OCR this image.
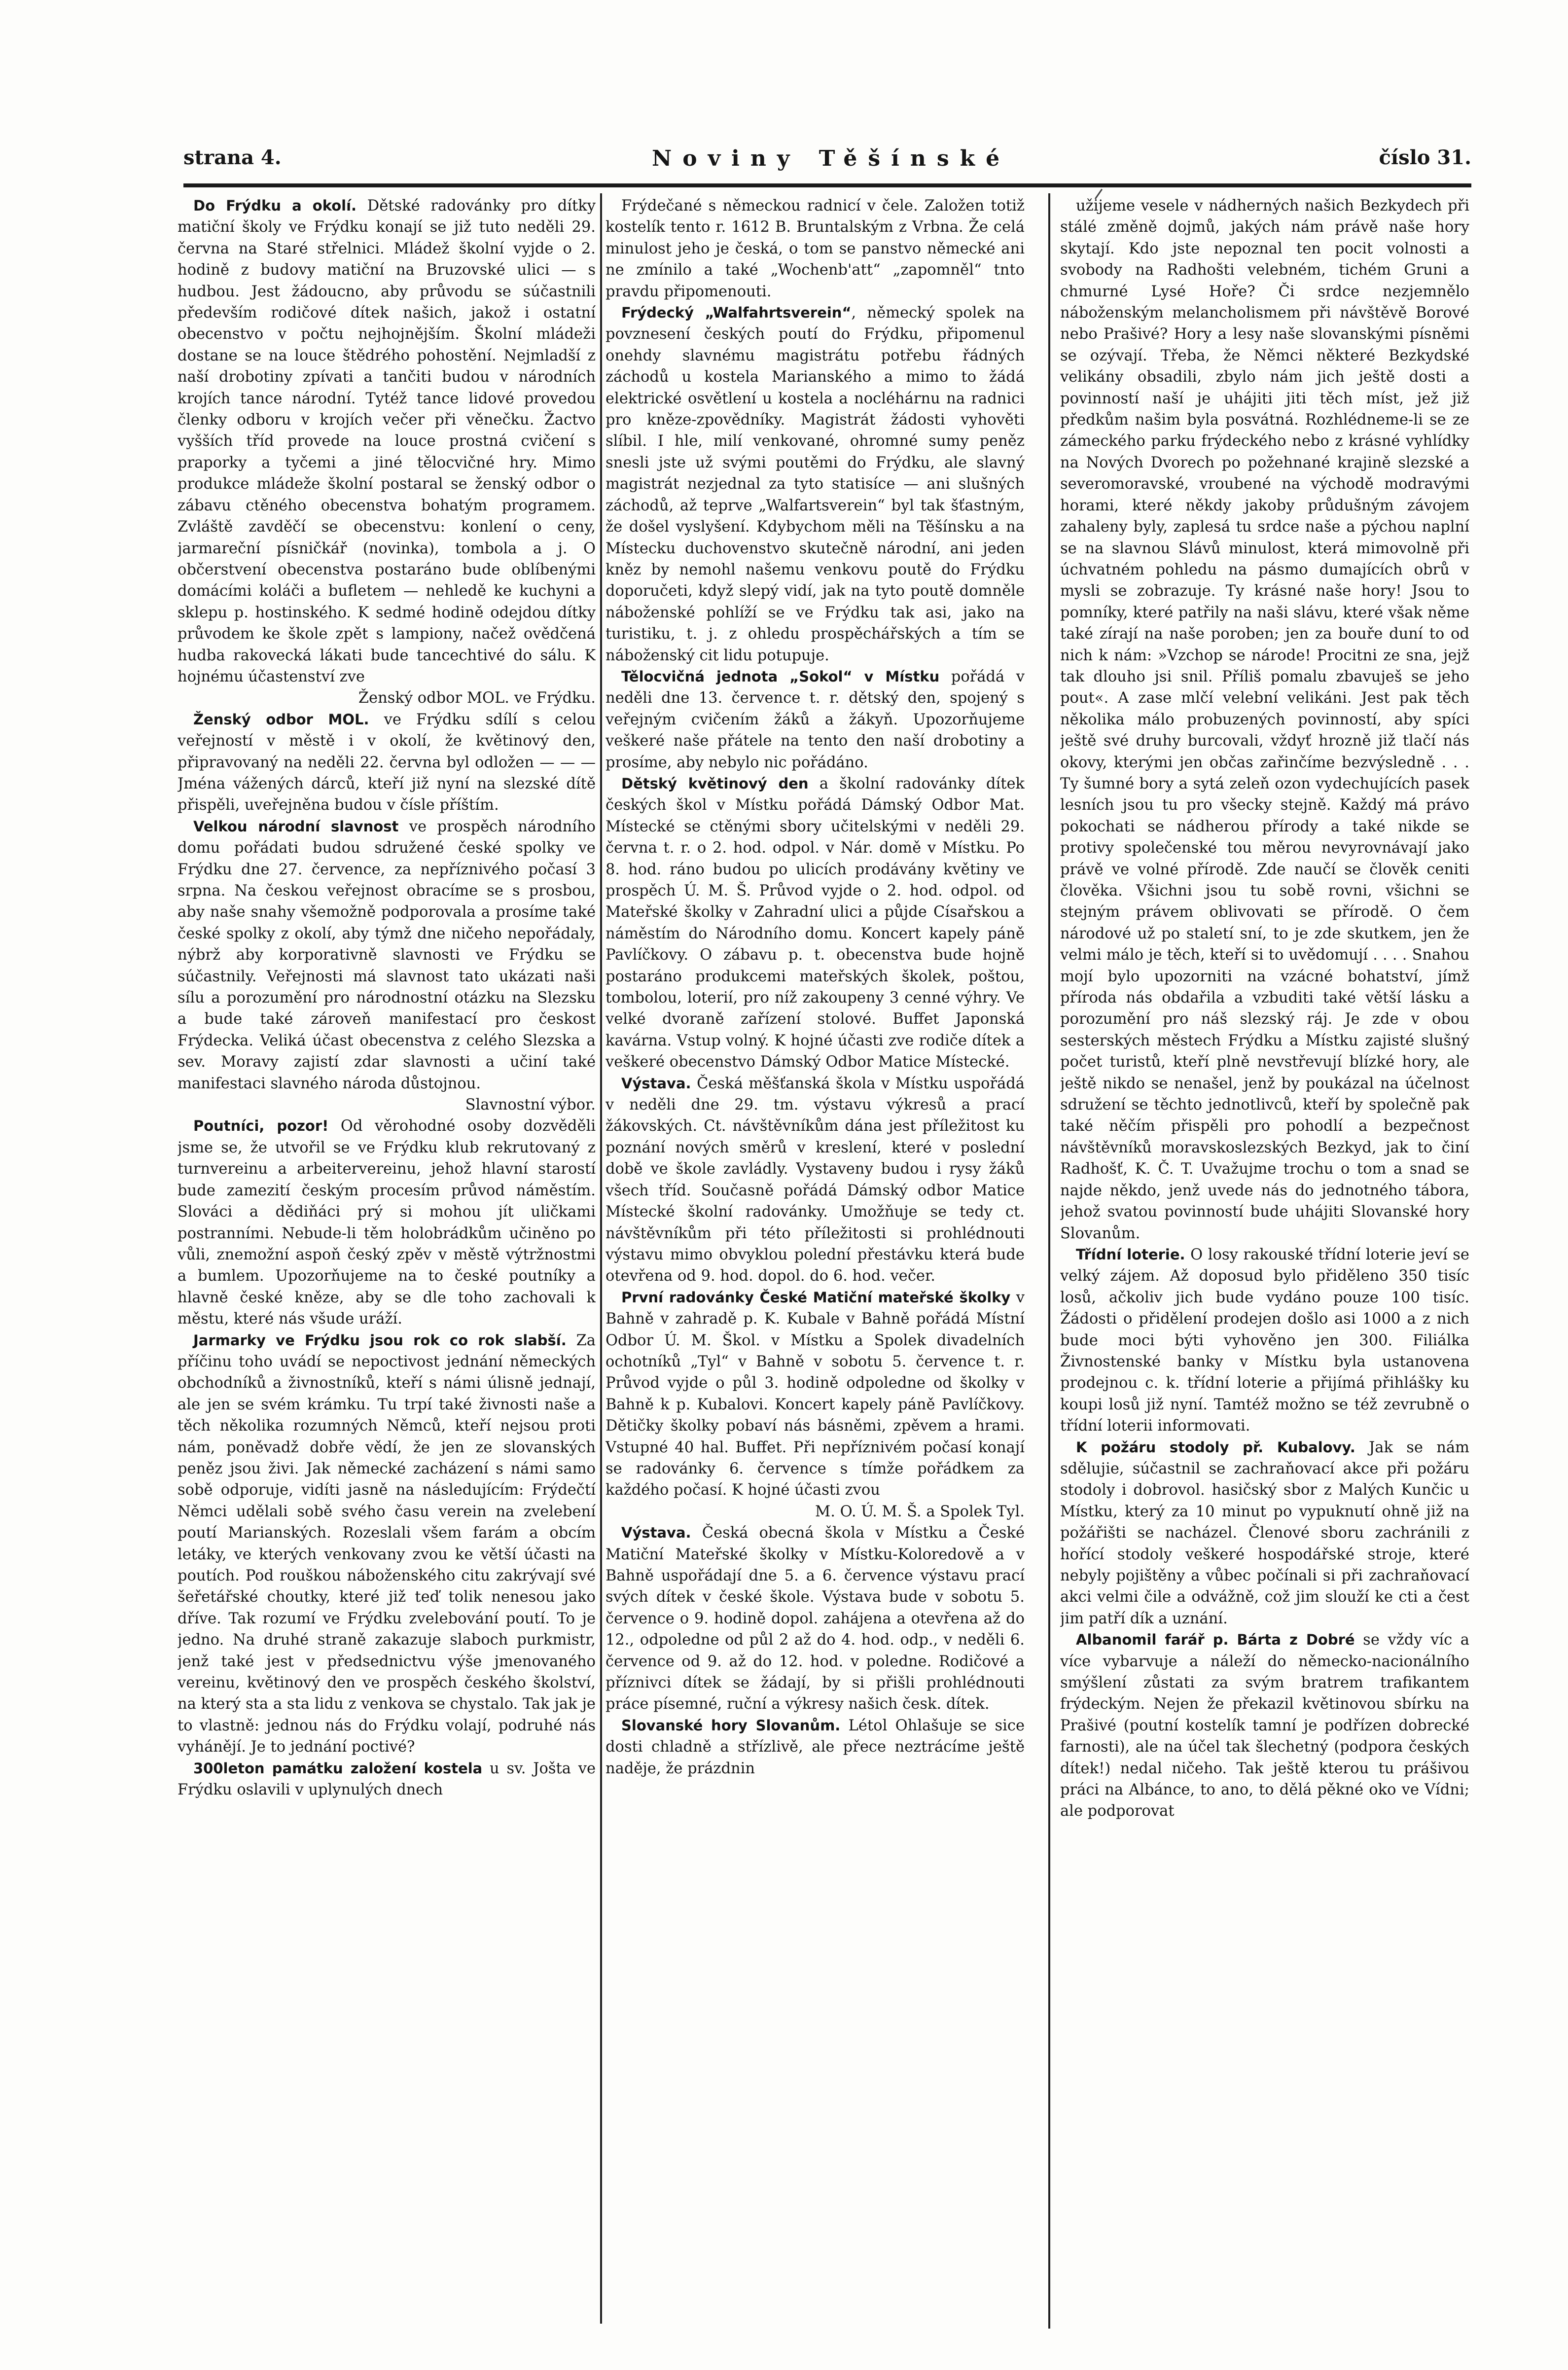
strana 4.	Noviny Těšínské	číslo 31.

Do Frýdku a okolí. Dětské radovánky pro dítky matiční školy ve Frýdku konají se již tuto neděli 29. června na Staré střelnici. Mládež školní vyjde o 2. hodině z budovy matiční na Bruzovské ulici — s hudbou. Jest žádoucno, aby průvodu se súčastnili především rodičové dítek našich, jakož i ostatní obecenstvo v počtu nejhojnějším. Školní mládeži dostane se na louce štědrého pohostění. Nejmladší z naší drobotiny zpívati a tančiti budou v národních krojích tance národní. Tytéž tance lidové provedou členky odboru v krojích večer při věnečku. Žactvo vyšších tříd provede na louce prostná cvičení s praporky a tyčemi a jiné tělocvičné hry. Mimo produkce mládeže školní postaral se ženský odbor o zábavu ctěného obecenstva bohatým programem. Zvláště zavděčí se obecenstvu: konlení o ceny, jarmareční písničkář (novinka), tombola a j. O občerstvení obecenstva postaráno bude oblíbenými domácími koláči a bufletem — nehledě ke kuchyni a sklepu p. hostinského. K sedmé hodině odejdou dítky průvodem ke škole zpět s lampiony, načež ovědčená hudba rakovecká lákati bude tancechtivé do sálu. K hojnému účastenství zve

Ženský odbor MOL. ve Frýdku.

Ženský odbor MOL. ve Frýdku sdílí s celou veřejností v městě i v okolí, že květinový den, připravovaný na neděli 22. června byl odložen — — — Jména vážených dárců, kteří již nyní na slezské dítě přispěli, uveřejněna budou v čísle příštím.

Velkou národní slavnost ve prospěch národního domu pořádati budou sdružené české spolky ve Frýdku dne 27. července, za nepříznivého počasí 3 srpna. Na českou veřejnost obracíme se s prosbou, aby naše snahy všemožně podporovala a prosíme také české spolky z okolí, aby týmž dne ničeho nepořádaly, nýbrž aby korporativně slavnosti ve Frýdku se súčastnily. Veřejnosti má slavnost tato ukázati naši sílu a porozumění pro národnostní otázku na Slezsku a bude také zároveň manifestací pro českost Frýdecka. Veliká účast obecenstva z celého Slezska a sev. Moravy zajistí zdar slavnosti a učiní také manifestaci slavného národa důstojnou.

Slavnostní výbor.

Poutníci, pozor! Od věrohodné osoby dozvěděli jsme se, že utvořil se ve Frýdku klub rekrutovaný z turnvereinu a arbeitervereinu, jehož hlavní starostí bude zamezití českým procesím průvod náměstím. Slováci a dědiňáci prý si mohou jít uličkami postranními. Nebude-li těm holobrádkům učiněno po vůli, znemožní aspoň český zpěv v městě výtržnostmi a bumlem. Upozorňujeme na to české poutníky a hlavně české kněze, aby se dle toho zachovali k městu, které nás všude uráží.

Jarmarky ve Frýdku jsou rok co rok slabší. Za příčinu toho uvádí se nepoctivost jednání německých obchodníků a živnostníků, kteří s námi úlisně jednají, ale jen se svém krámku. Tu trpí také živnosti naše a těch několika rozumných Němců, kteří nejsou proti nám, poněvadž dobře vědí, že jen ze slovanských peněz jsou živi. Jak německé zacházení s námi samo sobě odporuje, vidíti jasně na následujícím: Frýdečtí Němci udělali sobě svého času verein na zvelebení poutí Marianských. Rozeslali všem farám a obcím letáky, ve kterých venkovany zvou ke větší účasti na poutích. Pod rouškou náboženského citu zakrývají své šeřetářské choutky, které již teď tolik nenesou jako dříve. Tak rozumí ve Frýdku zvelebování poutí. To je jedno. Na druhé straně zakazuje slaboch purkmistr, jenž také jest v předsednictvu výše jmenovaného vereinu, květinový den ve prospěch českého školství, na který sta a sta lidu z venkova se chystalo. Tak jak je to vlastně: jednou nás do Frýdku volají, podruhé nás vyhánějí. Je to jednání poctivé?

300leton památku založení kostela u sv. Jošta ve Frýdku oslavili v uplynulých dnech

Frýdečané s německou radnicí v čele. Založen totiž kostelík tento r. 1612 B. Bruntalským z Vrbna. Že celá minulost jeho je česká, o tom se panstvo německé ani ne zmínilo a také „Wochenb'att“ „zapomněl“ tnto pravdu připomenouti.

Frýdecký „Walfahrtsverein“, německý spolek na povznesení českých poutí do Frýdku, připomenul onehdy slavnému magistrátu potřebu řádných záchodů u kostela Marianského a mimo to žádá elektrické osvětlení u kostela a nocléhárnu na radnici pro kněze-zpovědníky. Magistrát žádosti vyhověti slíbil. I hle, milí venkované, ohromné sumy peněz snesli jste už svými poutěmi do Frýdku, ale slavný magistrát nezjednal za tyto statisíce — ani slušných záchodů, až teprve „Walfartsverein“ byl tak šťastným, že došel vyslyšení. Kdybychom měli na Těšínsku a na Místecku duchovenstvo skutečně národní, ani jeden kněz by nemohl našemu venkovu poutě do Frýdku doporučeti, když slepý vidí, jak na tyto poutě domněle náboženské pohlíží se ve Frýdku tak asi, jako na turistiku, t. j. z ohledu prospěchářských a tím se náboženský cit lidu potupuje.

Tělocvičná jednota „Sokol“ v Místku pořádá v neděli dne 13. července t. r. dětský den, spojený s veřejným cvičením žáků a žákyň. Upozorňujeme veškeré naše přátele na tento den naší drobotiny a prosíme, aby nebylo nic pořádáno.

Dětský květinový den a školní radovánky dítek českých škol v Místku pořádá Dámský Odbor Mat. Místecké se ctěnými sbory učitelskými v neděli 29. června t. r. o 2. hod. odpol. v Nár. domě v Místku. Po 8. hod. ráno budou po ulicích prodávány květiny ve prospěch Ú. M. Š. Průvod vyjde o 2. hod. odpol. od Mateřské školky v Zahradní ulici a půjde Císařskou a náměstím do Národního domu. Koncert kapely páně Pavlíčkovy. O zábavu p. t. obecenstva bude hojně postaráno produkcemi mateřských školek, poštou, tombolou, loterií, pro níž zakoupeny 3 cenné výhry. Ve velké dvoraně zařízení stolové. Buffet Japonská kavárna. Vstup volný. K hojné účasti zve rodiče dítek a veškeré obecenstvo Dámský Odbor Matice Místecké.

Výstava. Česká měšťanská škola v Místku uspořádá v neděli dne 29. tm. výstavu výkresů a prací žákovských. Ct. návštěvníkům dána jest příležitost ku poznání nových směrů v kreslení, které v poslední době ve škole zavládly. Vystaveny budou i rysy žáků všech tříd. Současně pořádá Dámský odbor Matice Místecké školní radovánky. Umožňuje se tedy ct. návštěvníkům při této příležitosti si prohlédnouti výstavu mimo obvyklou polední přestávku která bude otevřena od 9. hod. dopol. do 6. hod. večer.

První radovánky České Matiční mateřské školky v Bahně v zahradě p. K. Kubale v Bahně pořádá Místní Odbor Ú. M. Škol. v Místku a Spolek divadelních ochotníků „Tyl“ v Bahně v sobotu 5. července t. r. Průvod vyjde o půl 3. hodině odpoledne od školky v Bahně k p. Kubalovi. Koncert kapely páně Pavlíčkovy. Dětičky školky pobaví nás básněmi, zpěvem a hrami. Vstupné 40 hal. Buffet. Při nepříznivém počasí konají se radovánky 6. července s tímže pořádkem za každého počasí. K hojné účasti zvou

M. O. Ú. M. Š. a Spolek Tyl.

Výstava. Česká obecná škola v Místku a České Matiční Mateřské školky v Místku-Koloredově a v Bahně uspořádají dne 5. a 6. července výstavu prací svých dítek v české škole. Výstava bude v sobotu 5. července o 9. hodině dopol. zahájena a otevřena až do 12., odpoledne od půl 2 až do 4. hod. odp., v neděli 6. července od 9. až do 12. hod. v poledne. Rodičové a příznivci dítek se žádají, by si přišli prohlédnouti práce písemné, ruční a výkresy našich česk. dítek.

Slovanské hory Slovanům. Létol Ohlašuje se sice dosti chladně a střízlivě, ale přece neztrácíme ještě naděje, že prázdnin

užijeme vesele v nádherných našich Bezkydech při stálé změně dojmů, jakých nám právě naše hory skytají. Kdo jste nepoznal ten pocit volnosti a svobody na Radhošti velebném, tichém Gruni a chmurné Lysé Hoře? Či srdce nezjemnělo náboženským melancholismem při návštěvě Borové nebo Prašivé? Hory a lesy naše slovanskými písněmi se ozývají. Třeba, že Němci některé Bezkydské velikány obsadili, zbylo nám jich ještě dosti a povinností naší je uhájiti jiti těch míst, jež již předkům našim byla posvátná. Rozhlédneme-li se ze zámeckého parku frýdeckého nebo z krásné vyhlídky na Nových Dvorech po požehnané krajině slezské a severomoravské, vroubené na východě modravými horami, které někdy jakoby průdušným závojem zahaleny byly, zaplesá tu srdce naše a pýchou naplní se na slavnou Slávů minulost, která mimovolně při úchvatném pohledu na pásmo dumajících obrů v mysli se zobrazuje. Ty krásné naše hory! Jsou to pomníky, které patřily na naši slávu, které však něme také zírají na naše poroben; jen za bouře duní to od nich k nám: »Vzchop se národe! Procitni ze sna, jejž tak dlouho jsi snil. Příliš pomalu zbavuješ se jeho pout«. A zase mlčí velební velikáni. Jest pak těch několika málo probuzených povinností, aby spíci ještě své druhy burcovali, vždyť hrozně již tlačí nás okovy, kterými jen občas zařinčíme bezvýsledně . . . Ty šumné bory a sytá zeleň ozon vydechujících pasek lesních jsou tu pro všecky stejně. Každý má právo pokochati se nádherou přírody a také nikde se protivy společenské tou měrou nevyrovnávají jako právě ve volné přírodě. Zde naučí se člověk ceniti člověka. Všichni jsou tu sobě rovni, všichni se stejným právem oblivovati se přírodě. O čem národové už po staletí sní, to je zde skutkem, jen že velmi málo je těch, kteří si to uvědomují . . . . Snahou mojí bylo upozorniti na vzácné bohatství, jímž příroda nás obdařila a vzbuditi také větší lásku a porozumění pro náš slezský ráj. Je zde v obou sesterských městech Frýdku a Místku zajisté slušný počet turistů, kteří plně nevstřevují blízké hory, ale ještě nikdo se nenašel, jenž by poukázal na účelnost sdružení se těchto jednotlivců, kteří by společně pak také něčím přispěli pro pohodlí a bezpečnost návštěvníků moravskoslezských Bezkyd, jak to činí Radhošť, K. Č. T. Uvažujme trochu o tom a snad se najde někdo, jenž uvede nás do jednotného tábora, jehož svatou povinností bude uhájiti Slovanské hory Slovanům.

Třídní loterie. O losy rakouské třídní loterie jeví se velký zájem. Až doposud bylo přiděleno 350 tisíc losů, ačkoliv jich bude vydáno pouze 100 tisíc. Žádosti o přidělení prodejen došlo asi 1000 a z nich bude moci býti vyhověno jen 300. Filiálka Živnostenské banky v Místku byla ustanovena prodejnou c. k. třídní loterie a přijímá přihlášky ku koupi losů již nyní. Tamtéž možno se též zevrubně o třídní loterii informovati.

K požáru stodoly př. Kubalovy. Jak se nám sdělujie, súčastnil se zachraňovací akce při požáru stodoly i dobrovol. hasičský sbor z Malých Kunčic u Místku, který za 10 minut po vypuknutí ohně již na požářišti se nacházel. Členové sboru zachránili z hořící stodoly veškeré hospodářské stroje, které nebyly pojištěny a vůbec počínali si při zachraňovací akci velmi čile a odvážně, což jim slouží ke cti a čest jim patří dík a uznání.

Albanomil farář p. Bárta z Dobré se vždy víc a více vybarvuje a náleží do německo-nacionálního smýšlení zůstati za svým bratrem trafikantem frýdeckým. Nejen že překazil květinovou sbírku na Prašivé (poutní kostelík tamní je podřízen dobrecké farnosti), ale na účel tak šlechetný (podpora českých dítek!) nedal ničeho. Tak ještě kterou tu prášivou práci na Albánce, to ano, to dělá pěkné oko ve Vídni; ale podporovat
